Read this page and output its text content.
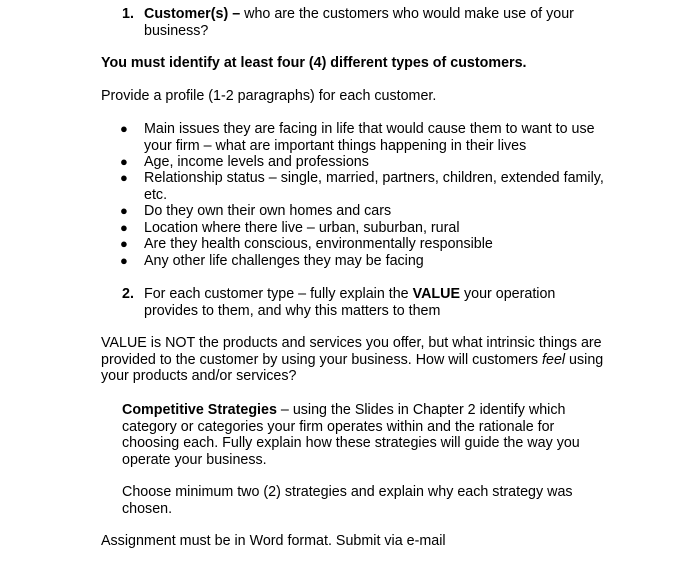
1. Customer(s) – who are the customers who would make use of your business?

You must identify at least four (4) different types of customers.

Provide a profile (1-2 paragraphs) for each customer.

● Main issues they are facing in life that would cause them to want to use your firm – what are important things happening in their lives

● Age, income levels and professions

● Relationship status – single, married, partners, children, extended family, etc.

● Do they own their own homes and cars

● Location where there live – urban, suburban, rural

● Are they health conscious, environmentally responsible

● Any other life challenges they may be facing

2. For each customer type – fully explain the VALUE your operation provides to them, and why this matters to them

VALUE is NOT the products and services you offer, but what intrinsic things are provided to the customer by using your business. How will customers feel using your products and/or services?

Competitive Strategies – using the Slides in Chapter 2 identify which category or categories your firm operates within and the rationale for choosing each. Fully explain how these strategies will guide the way you operate your business.

Choose minimum two (2) strategies and explain why each strategy was chosen.

Assignment must be in Word format. Submit via e-mail
